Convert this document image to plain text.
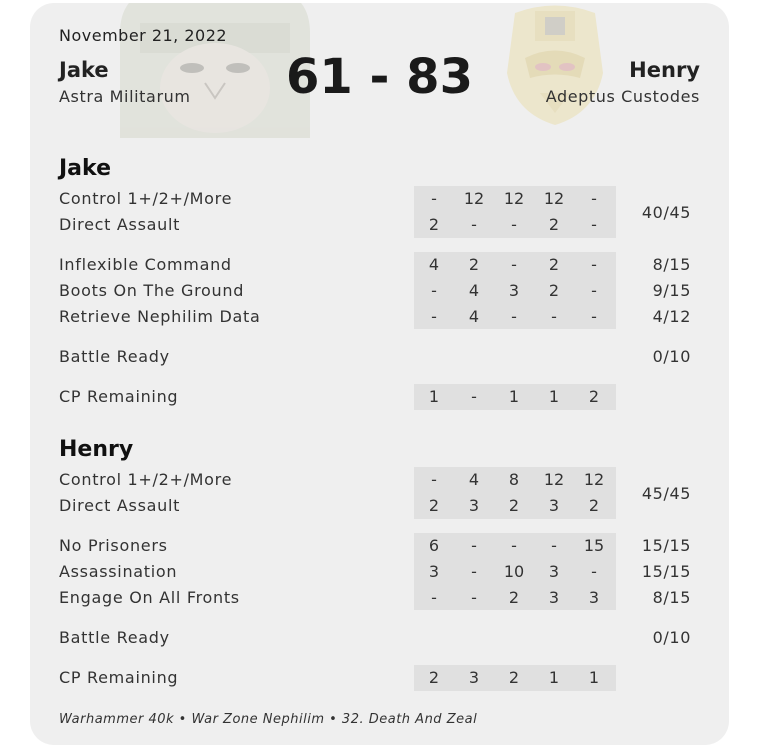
November 21, 2022
Jake
Astra Militarum	61 - 83	Henry
Adeptus Custodes
Jake
Control 1+/2+/More	-	12	12	12	-
Direct Assault	2	-	-	2	-
40/45
Inflexible Command	4	2	-	2	-	8/15
Boots On The Ground	-	4	3	2	-	9/15
Retrieve Nephilim Data	-	4	-	-	-	4/12
Battle Ready	0/10
CP Remaining	1	-	1	1	2
Henry
Control 1+/2+/More	-	4	8	12	12
Direct Assault	2	3	2	3	2
45/45
No Prisoners	6	-	-	-	15	15/15
Assassination	3	-	10	3	-	15/15
Engage On All Fronts	-	-	2	3	3	8/15
Battle Ready	0/10
CP Remaining	2	3	2	1	1
Warhammer 40k • War Zone Nephilim • 32. Death And Zeal
